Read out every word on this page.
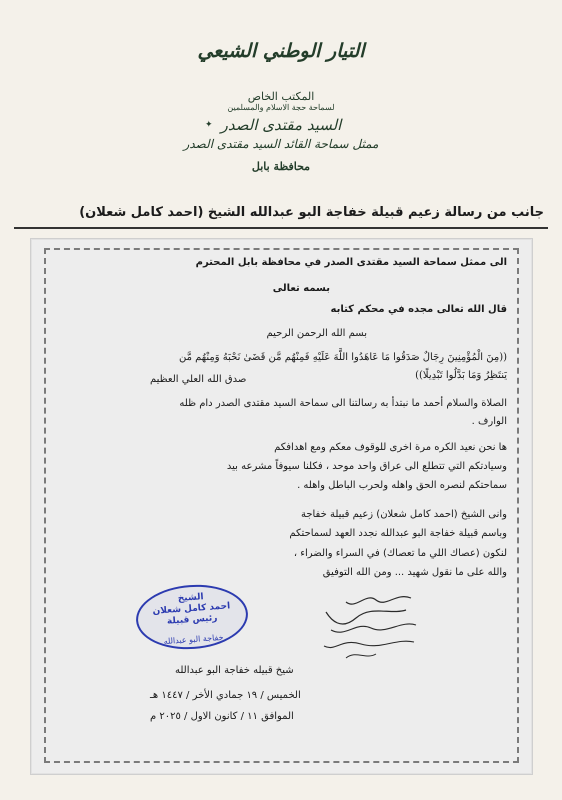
التيار الوطني الشيعي
المكتب الخاص
لسماحة حجة الاسلام والمسلمين
السيد مقتدى الصدر
✦
ممثل سماحة القائد السيد مقتدى الصدر
محافظة بابل
جانب من رسالة زعيم قبيلة خفاجة البو عبدالله الشيخ (احمد كامل شعلان)
الى ممثل سماحة السيد مقتدى الصدر في محافظة بابل المحترم
بسمه تعالى
قال الله تعالى مجده في محكم كتابه
بسم الله الرحمن الرحيم
((مِنَ الْمُؤْمِنِينَ رِجَالٌ صَدَقُوا مَا عَاهَدُوا اللَّهَ عَلَيْهِ فَمِنْهُم مَّن قَضَىٰ نَحْبَهُ وَمِنْهُم مَّن
يَنتَظِرُ وَمَا بَدَّلُوا تَبْدِيلًا))
صدق الله العلي العظيم
الصلاة والسلام أحمد ما نبتدأ به رسالتنا الى سماحة السيد مقتدى الصدر دام ظله
الوارف .
ها نحن نعيد الكره مرة اخرى للوقوف معكم ومع اهدافكم
وسيادتكم التي تتطلع الى عراق واحد موحد ، فكلنا سيوفاً مشرعه بيد
سماحتكم لنصره الحق واهله ولحرب الباطل واهله .
وانى الشيخ (احمد كامل شعلان) زعيم قبيلة خفاجة
وباسم قبيلة خفاجة البو عبدالله نجدد العهد لسماحتكم
لنكون (عصاك اللي ما تعصاك) في السراء والضراء ،
والله على ما نقول شهيد ... ومن الله التوفيق
الشيخ
احمد كامل شعلان
رئيس قبيلة
خفاجة البو عبدالله
شيخ قبيله خفاجة البو عبدالله
الخميس / ١٩ جمادي الأخر / ١٤٤٧ هـ
الموافق ١١ / كانون الاول / ٢٠٢٥ م
